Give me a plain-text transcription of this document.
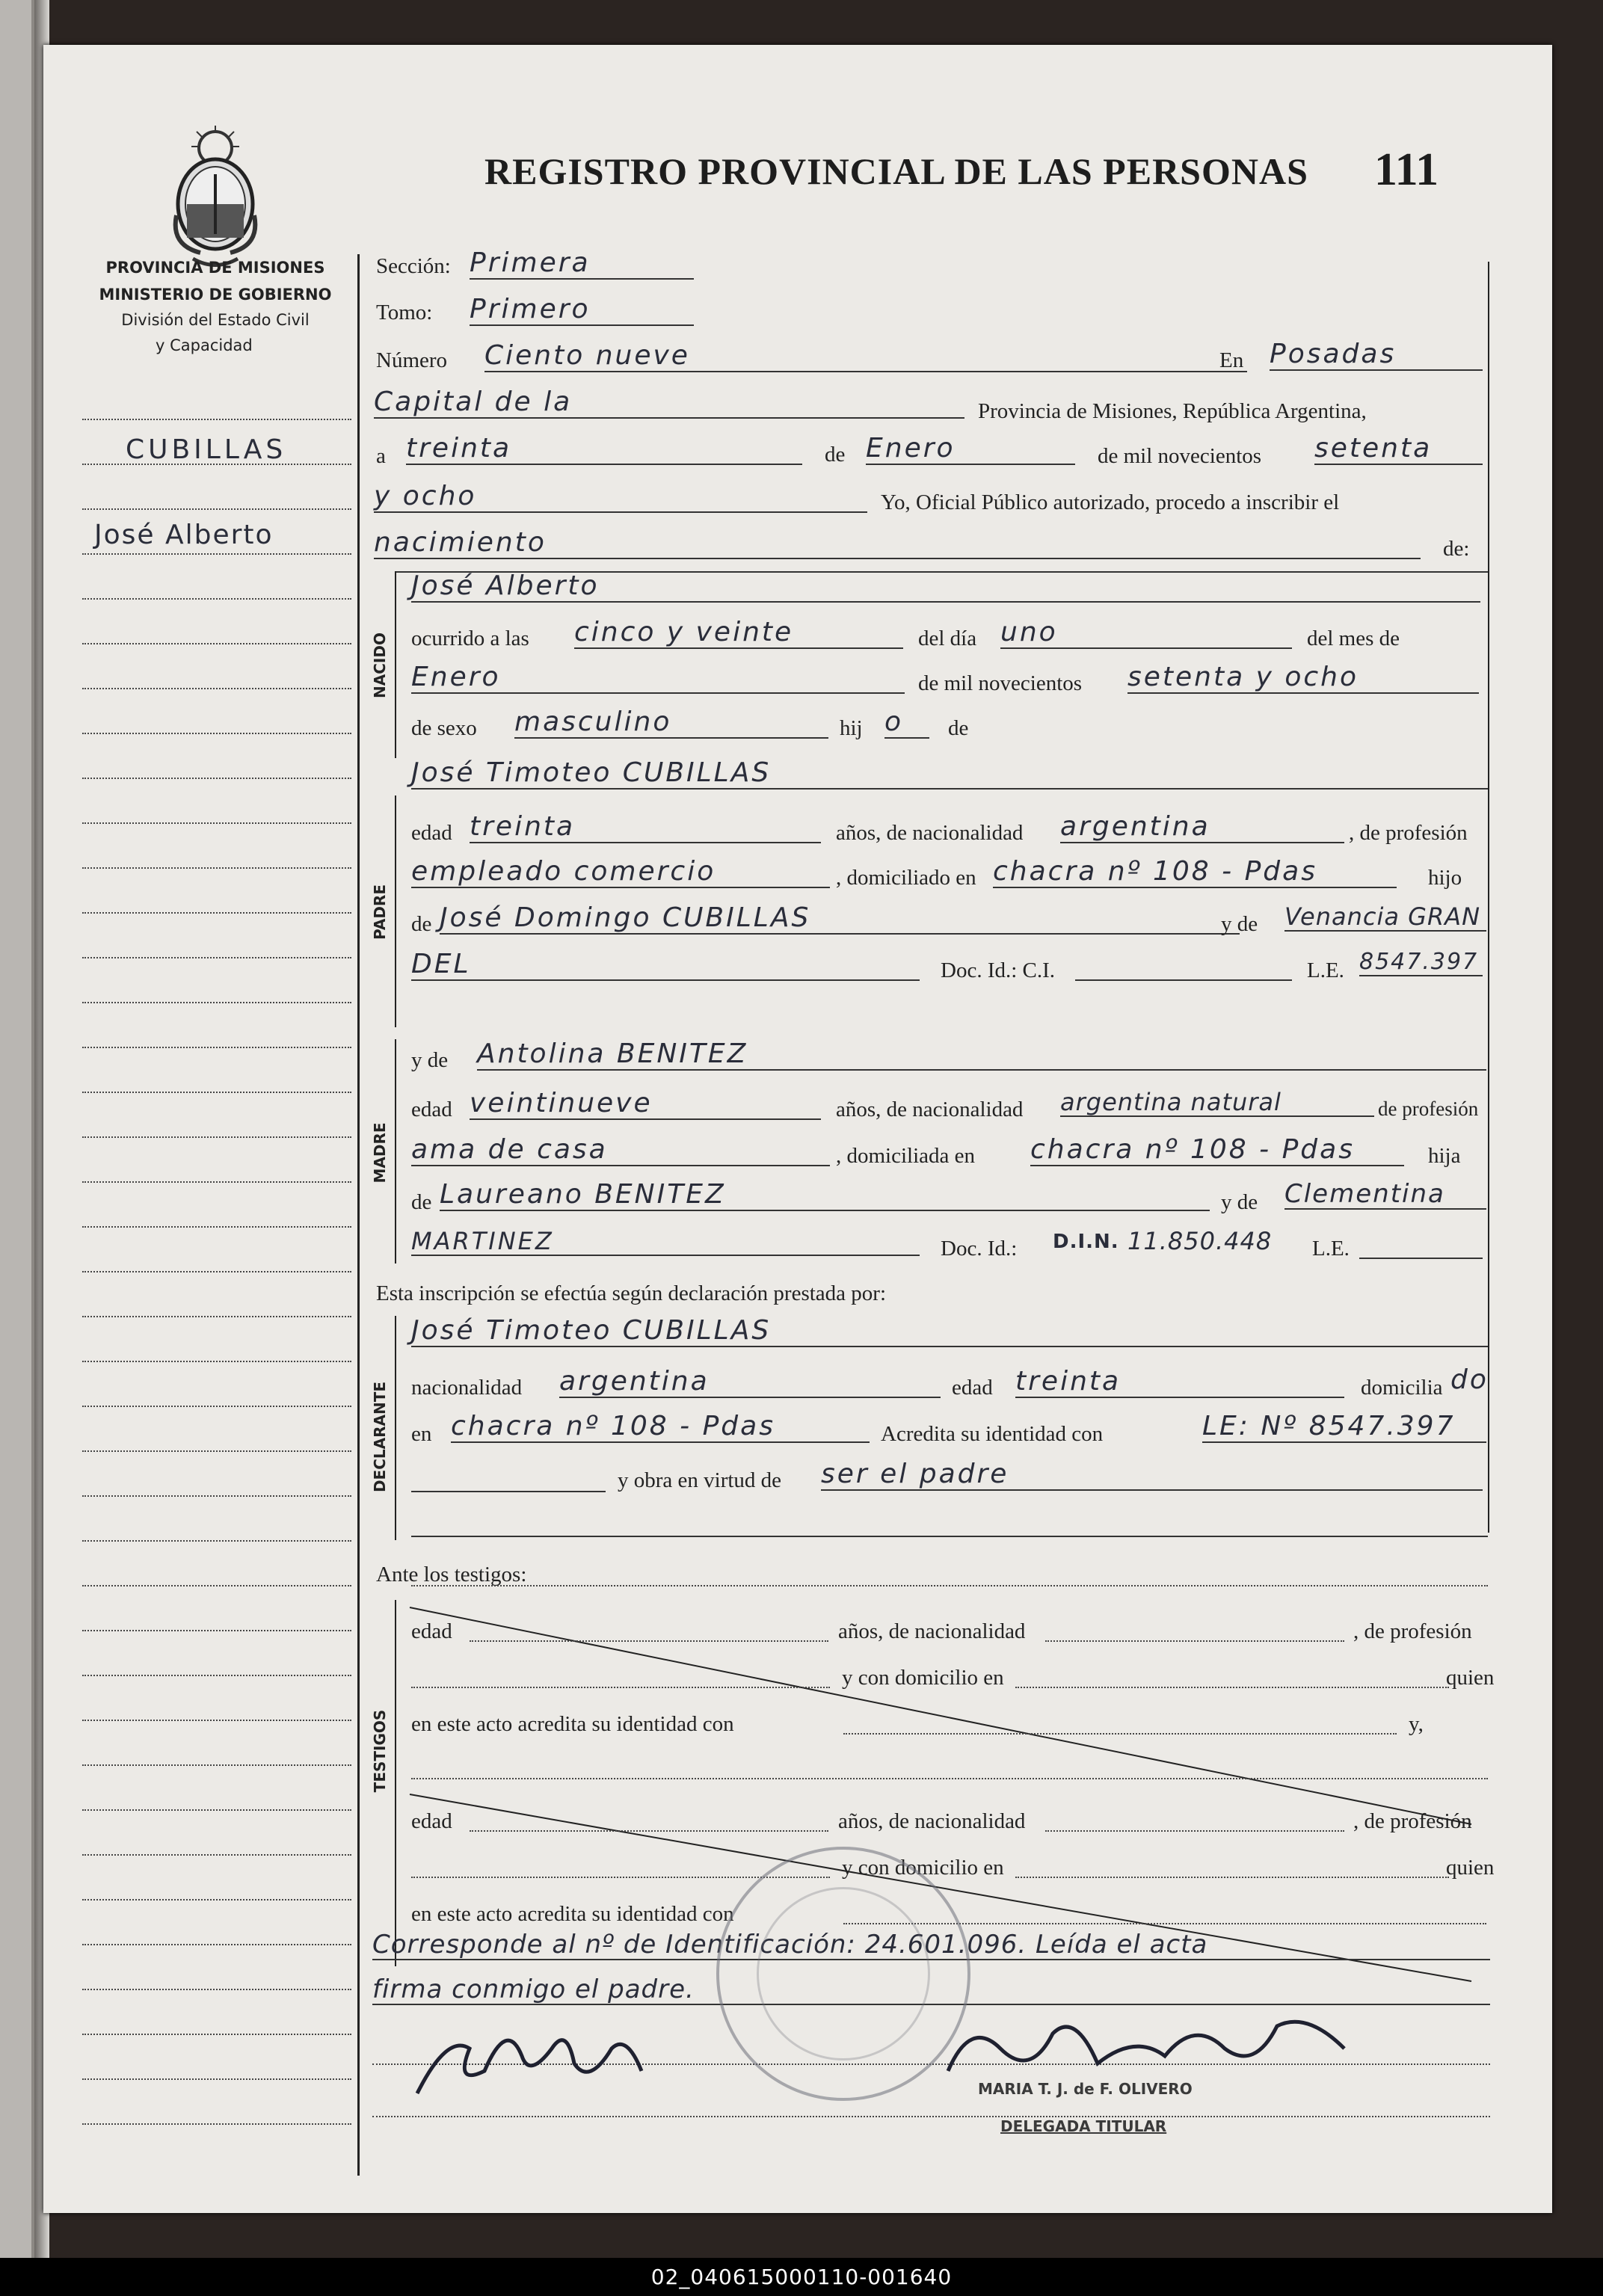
REGISTRO PROVINCIAL DE LAS PERSONAS 111
PROVINCIA DE MISIONES
MINISTERIO DE GOBIERNO
División del Estado Civil
y Capacidad
CUBILLAS
José Alberto
Sección: Primera
Tomo: Primero
Número Ciento nueve	En Posadas
Capital de la	Provincia de Misiones, República Argentina,
a treinta	de Enero	de mil novecientos setenta
y ocho	Yo, Oficial Público autorizado, procedo a inscribir el
nacimiento	de:
NACIDO
José Alberto
ocurrido a las cinco y veinte	del día uno	del mes de
Enero	de mil novecientos setenta y ocho
de sexo masculino	hij o	de
PADRE
José Timoteo CUBILLAS
edad treinta	años, de nacionalidad argentina	, de profesión
empleado comercio	, domiciliado en chacra nº 108 - Pdas	hijo
de José Domingo CUBILLAS	y de Venancia GRAN
DEL	Doc. Id.: C.I.	L.E. 8547.397
MADRE
y de Antolina BENITEZ
edad veintinueve	años, de nacionalidad argentina natural	de profesión
ama de casa	, domiciliada en chacra nº 108 - Pdas	hija
de Laureano BENITEZ	y de Clementina
MARTINEZ	Doc. Id.: D.I.N. 11.850.448 L.E.
Esta inscripción se efectúa según declaración prestada por:
DECLARANTE
José Timoteo CUBILLAS
nacionalidad argentina	edad treinta	domicilia do
en chacra nº 108 - Pdas	Acredita su identidad con	LE: Nº 8547.397
y obra en virtud de ser el padre
Ante los testigos:
TESTIGOS
edad	años, de nacionalidad	, de profesión
y con domicilio en	quien
en este acto acredita su identidad con	y,
edad	años, de nacionalidad	, de profesión
y con domicilio en	quien
en este acto acredita su identidad con
Corresponde al nº de Identificación: 24.601.096. Leída el acta
firma conmigo el padre.
MARIA T. J. de F. OLIVERO
DELEGADA TITULAR
02_040615000110-001640
